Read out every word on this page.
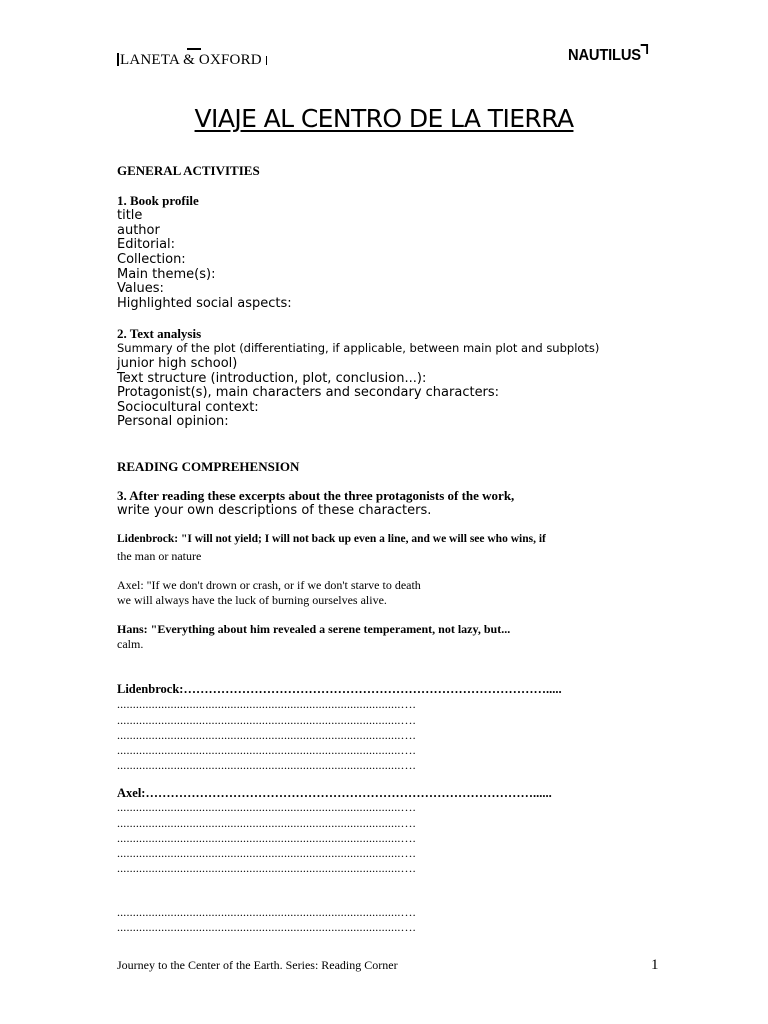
LANETA & OXFORD	NAUTILUS
VIAJE AL CENTRO DE LA TIERRA
GENERAL ACTIVITIES
1. Book profile
title
author
Editorial:
Collection:
Main theme(s):
Values:
Highlighted social aspects:
2. Text analysis
Summary of the plot (differentiating, if applicable, between main plot and subplots)
junior high school)
Text structure (introduction, plot, conclusion...):
Protagonist(s), main characters and secondary characters:
Sociocultural context:
Personal opinion:
READING COMPREHENSION
3. After reading these excerpts about the three protagonists of the work,
write your own descriptions of these characters.
Lidenbrock: "I will not yield; I will not back up even a line, and we will see who wins, if
the man or nature
Axel: "If we don't drown or crash, or if we don't starve to death
we will always have the luck of burning ourselves alive.
Hans: "Everything about him revealed a serene temperament, not lazy, but...
calm.
Lidenbrock:…………………………………………………………………………….....
..........................................................................................….
..........................................................................................….
..........................................................................................….
..........................................................................................….
..........................................................................................….
Axel:…………………………………………………………………………………......
..........................................................................................….
..........................................................................................….
..........................................................................................….
..........................................................................................….
..........................................................................................….
..........................................................................................….
..........................................................................................….
Journey to the Center of the Earth. Series: Reading Corner	1
